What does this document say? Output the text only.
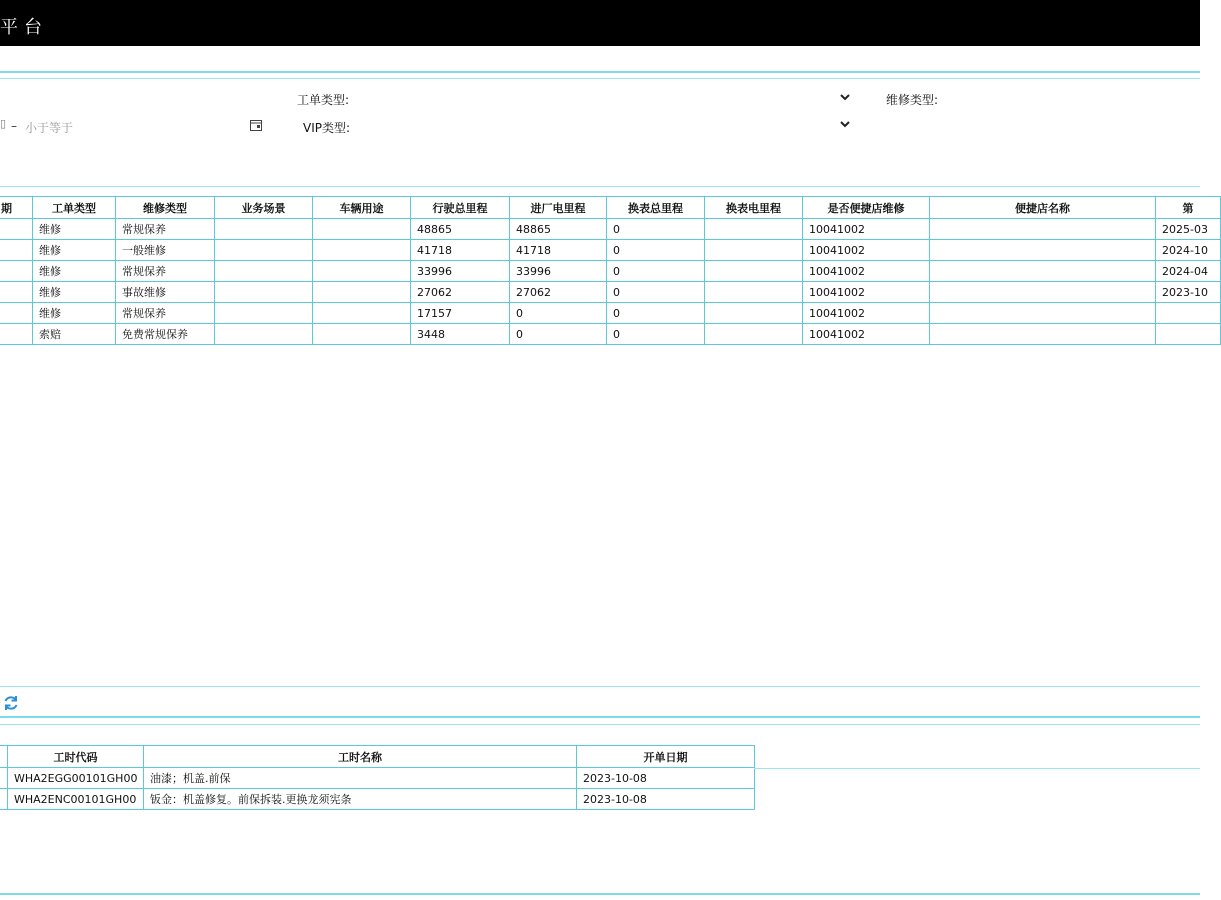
平台
工单类型:	维修类型:
▯ – 小于等于	VIP类型:
期	工单类型	维修类型	业务场景	车辆用途	行驶总里程	进厂电里程	换表总里程	换表电里程	是否便捷店维修	便捷店名称	第
	维修	常规保养			48865	48865	0		10041002		2025-03
	维修	一般维修			41718	41718	0		10041002		2024-10
	维修	常规保养			33996	33996	0		10041002		2024-04
	维修	事故维修			27062	27062	0		10041002		2023-10
	维修	常规保养			17157	0	0		10041002		
	索赔	免费常规保养			3448	0	0		10041002		
	工时代码	工时名称	开单日期
	WHA2EGG00101GH00	油漆；机盖.前保	2023-10-08
	WHA2ENC00101GH00	钣金：机盖修复。前保拆装.更换龙须宪条	2023-10-08
